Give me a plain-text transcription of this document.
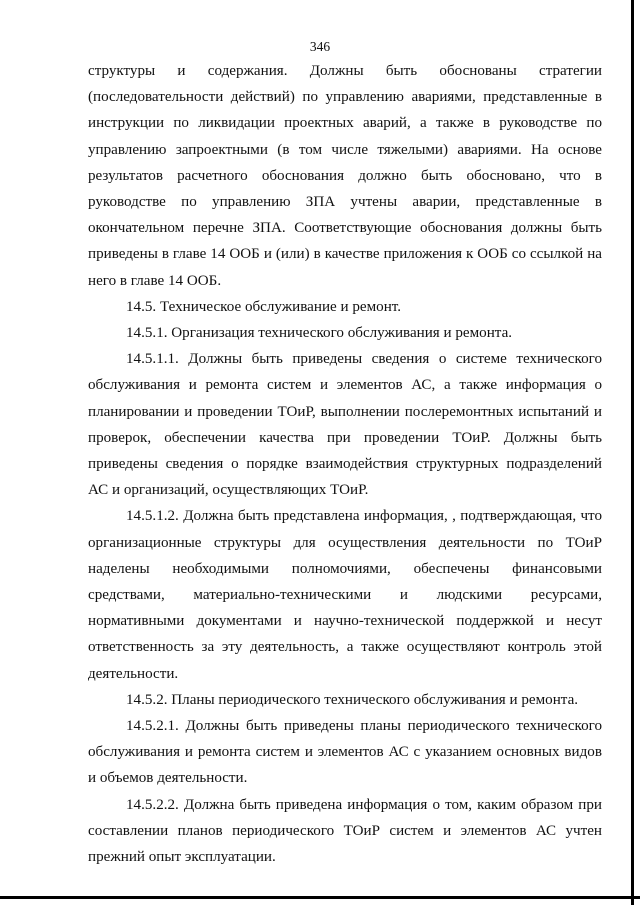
346

структуры и содержания. Должны быть обоснованы стратегии (последовательности действий) по управлению авариями, представленные в инструкции по ликвидации проектных аварий, а также в руководстве по управлению запроектными (в том числе тяжелыми) авариями. На основе результатов расчетного обоснования должно быть обосновано, что в руководстве по управлению ЗПА учтены аварии, представленные в окончательном перечне ЗПА. Соответствующие обоснования должны быть приведены в главе 14 ООБ и (или) в качестве приложения к ООБ со ссылкой на него в главе 14 ООБ.

14.5. Техническое обслуживание и ремонт.

14.5.1. Организация технического обслуживания и ремонта.

14.5.1.1. Должны быть приведены сведения о системе технического обслуживания и ремонта систем и элементов АС, а также информация о планировании и проведении ТОиР, выполнении послеремонтных испытаний и проверок, обеспечении качества при проведении ТОиР. Должны быть приведены сведения о порядке взаимодействия структурных подразделений АС и организаций, осуществляющих ТОиР.

14.5.1.2. Должна быть представлена информация, , подтверждающая, что организационные структуры для осуществления деятельности по ТОиР наделены необходимыми полномочиями, обеспечены финансовыми средствами, материально-техническими и людскими ресурсами, нормативными документами и научно-технической поддержкой и несут ответственность за эту деятельность, а также осуществляют контроль этой деятельности.

14.5.2. Планы периодического технического обслуживания и ремонта.

14.5.2.1. Должны быть приведены планы периодического технического обслуживания и ремонта систем и элементов АС с указанием основных видов и объемов деятельности.

14.5.2.2. Должна быть приведена информация о том, каким образом при составлении планов периодического ТОиР систем и элементов АС учтен прежний опыт эксплуатации.
